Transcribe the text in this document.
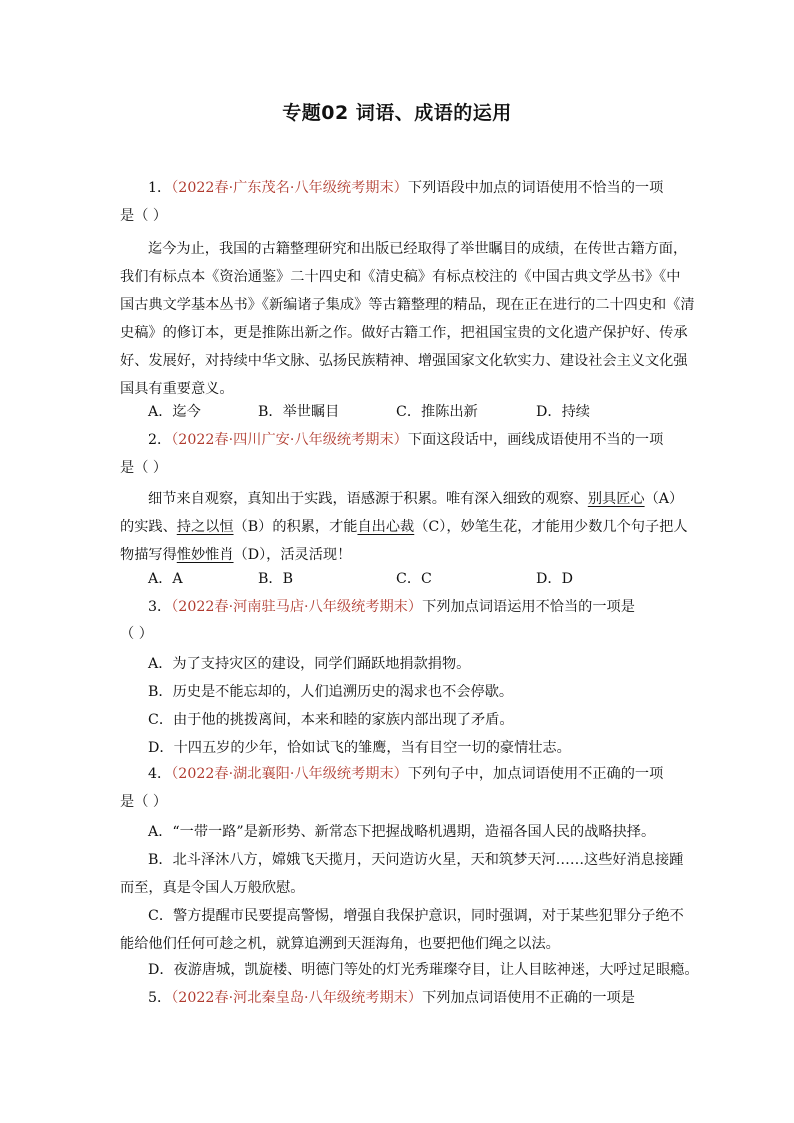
专题02 词语、成语的运用
1．（2022春·广东茂名·八年级统考期末）下列语段中加点的词语使用不恰当的一项
是（ ）
迄今为止，我国的古籍整理研究和出版已经取得了举世瞩目的成绩，在传世古籍方面，
我们有标点本《资治通鉴》二十四史和《清史稿》有标点校注的《中国古典文学丛书》《中
国古典文学基本丛书》《新编诸子集成》等古籍整理的精品，现在正在进行的二十四史和《清
史稿》的修订本，更是推陈出新之作。做好古籍工作，把祖国宝贵的文化遗产保护好、传承
好、发展好，对持续中华文脉、弘扬民族精神、增强国家文化软实力、建设社会主义文化强
国具有重要意义。
A．迄今	B．举世瞩目	C．推陈出新	D．持续
2．（2022春·四川广安·八年级统考期末）下面这段话中，画线成语使用不当的一项
是（ ）
细节来自观察，真知出于实践，语感源于积累。唯有深入细致的观察、别具匠心（A）
的实践、持之以恒（B）的积累，才能自出心裁（C），妙笔生花，才能用少数几个句子把人
物描写得惟妙惟肖（D），活灵活现！
A．A	B．B	C．C	D．D
3．（2022春·河南驻马店·八年级统考期末）下列加点词语运用不恰当的一项是
（ ）
A．为了支持灾区的建设，同学们踊跃地捐款捐物。
B．历史是不能忘却的，人们追溯历史的渴求也不会停歇。
C．由于他的挑拨离间，本来和睦的家族内部出现了矛盾。
D．十四五岁的少年，恰如试飞的雏鹰，当有目空一切的豪情壮志。
4．（2022春·湖北襄阳·八年级统考期末）下列句子中，加点词语使用不正确的一项
是（ ）
A．“一带一路”是新形势、新常态下把握战略机遇期，造福各国人民的战略抉择。
B．北斗泽沐八方，嫦娥飞天揽月，天问造访火星，天和筑梦天河……这些好消息接踵
而至，真是令国人万般欣慰。
C．警方提醒市民要提高警惕，增强自我保护意识，同时强调，对于某些犯罪分子绝不
能给他们任何可趁之机，就算追溯到天涯海角，也要把他们绳之以法。
D．夜游唐城，凯旋楼、明德门等处的灯光秀璀璨夺目，让人目眩神迷，大呼过足眼瘾。
5．（2022春·河北秦皇岛·八年级统考期末）下列加点词语使用不正确的一项是
